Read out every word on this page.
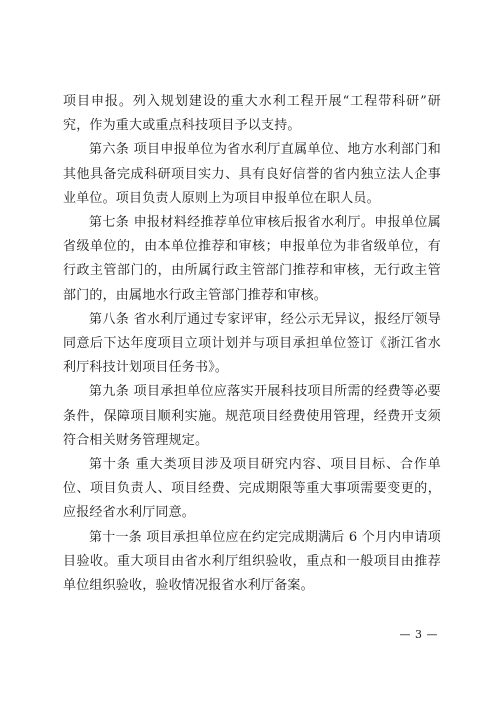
项目申报。列入规划建设的重大水利工程开展“工程带科研”研究，作为重大或重点科技项目予以支持。

第六条 项目申报单位为省水利厅直属单位、地方水利部门和其他具备完成科研项目实力、具有良好信誉的省内独立法人企事业单位。项目负责人原则上为项目申报单位在职人员。

第七条 申报材料经推荐单位审核后报省水利厅。申报单位属省级单位的，由本单位推荐和审核；申报单位为非省级单位，有行政主管部门的，由所属行政主管部门推荐和审核，无行政主管部门的，由属地水行政主管部门推荐和审核。

第八条 省水利厅通过专家评审，经公示无异议，报经厅领导同意后下达年度项目立项计划并与项目承担单位签订《浙江省水利厅科技计划项目任务书》。

第九条 项目承担单位应落实开展科技项目所需的经费等必要条件，保障项目顺利实施。规范项目经费使用管理，经费开支须符合相关财务管理规定。

第十条 重大类项目涉及项目研究内容、项目目标、合作单位、项目负责人、项目经费、完成期限等重大事项需要变更的，应报经省水利厅同意。

第十一条 项目承担单位应在约定完成期满后 6 个月内申请项目验收。重大项目由省水利厅组织验收，重点和一般项目由推荐单位组织验收，验收情况报省水利厅备案。

— 3 —
